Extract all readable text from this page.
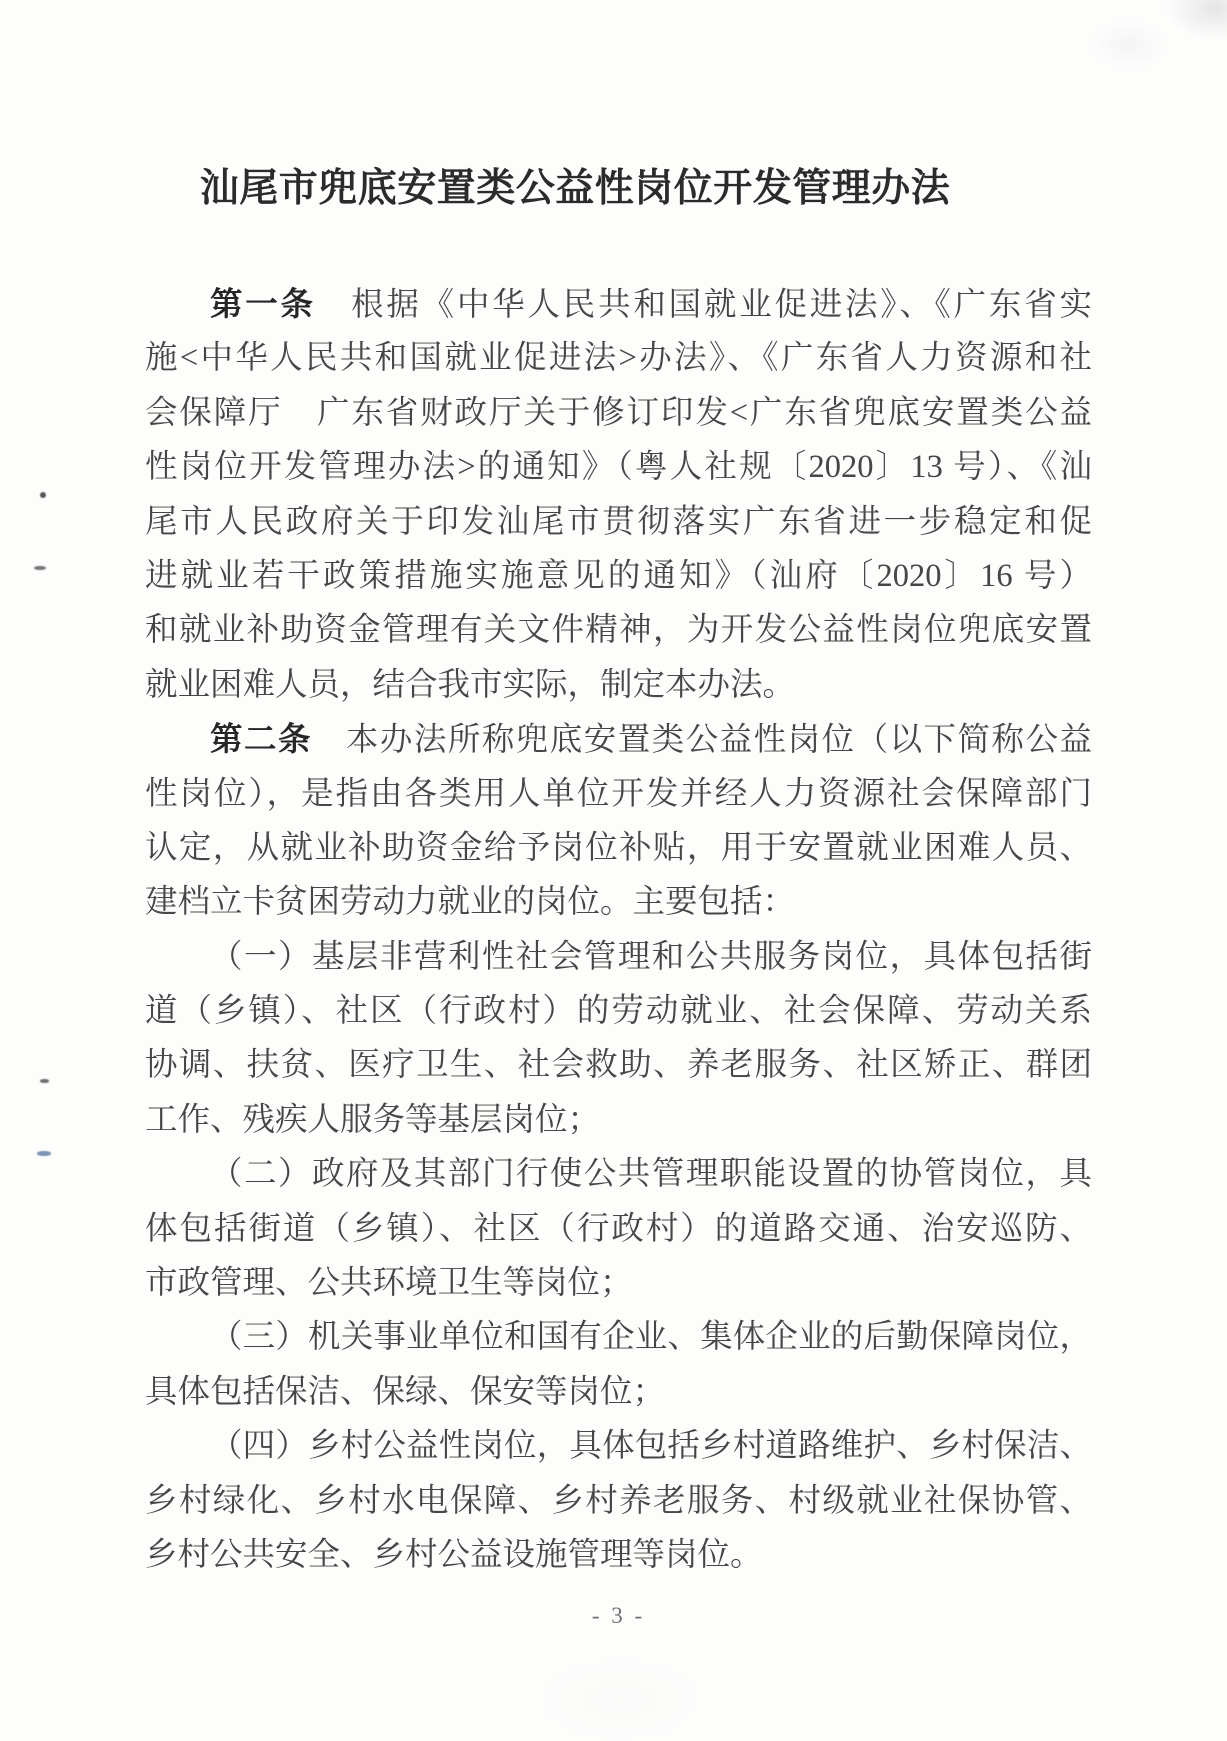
汕尾市兜底安置类公益性岗位开发管理办法
第一条　根据《中华人民共和国就业促进法》、《广东省实
施<中华人民共和国就业促进法>办法》、《广东省人力资源和社
会保障厅　广东省财政厅关于修订印发<广东省兜底安置类公益
性岗位开发管理办法>的通知》（粤人社规〔2020〕13 号）、《汕
尾市人民政府关于印发汕尾市贯彻落实广东省进一步稳定和促
进就业若干政策措施实施意见的通知》（汕府〔2020〕16 号）
和就业补助资金管理有关文件精神，为开发公益性岗位兜底安置
就业困难人员，结合我市实际，制定本办法。
第二条　本办法所称兜底安置类公益性岗位（以下简称公益
性岗位），是指由各类用人单位开发并经人力资源社会保障部门
认定，从就业补助资金给予岗位补贴，用于安置就业困难人员、
建档立卡贫困劳动力就业的岗位。主要包括：
（一）基层非营利性社会管理和公共服务岗位，具体包括街
道（乡镇）、社区（行政村）的劳动就业、社会保障、劳动关系
协调、扶贫、医疗卫生、社会救助、养老服务、社区矫正、群团
工作、残疾人服务等基层岗位；
（二）政府及其部门行使公共管理职能设置的协管岗位，具
体包括街道（乡镇）、社区（行政村）的道路交通、治安巡防、
市政管理、公共环境卫生等岗位；
（三）机关事业单位和国有企业、集体企业的后勤保障岗位，
具体包括保洁、保绿、保安等岗位；
（四）乡村公益性岗位，具体包括乡村道路维护、乡村保洁、
乡村绿化、乡村水电保障、乡村养老服务、村级就业社保协管、
乡村公共安全、乡村公益设施管理等岗位。
- 3 -
